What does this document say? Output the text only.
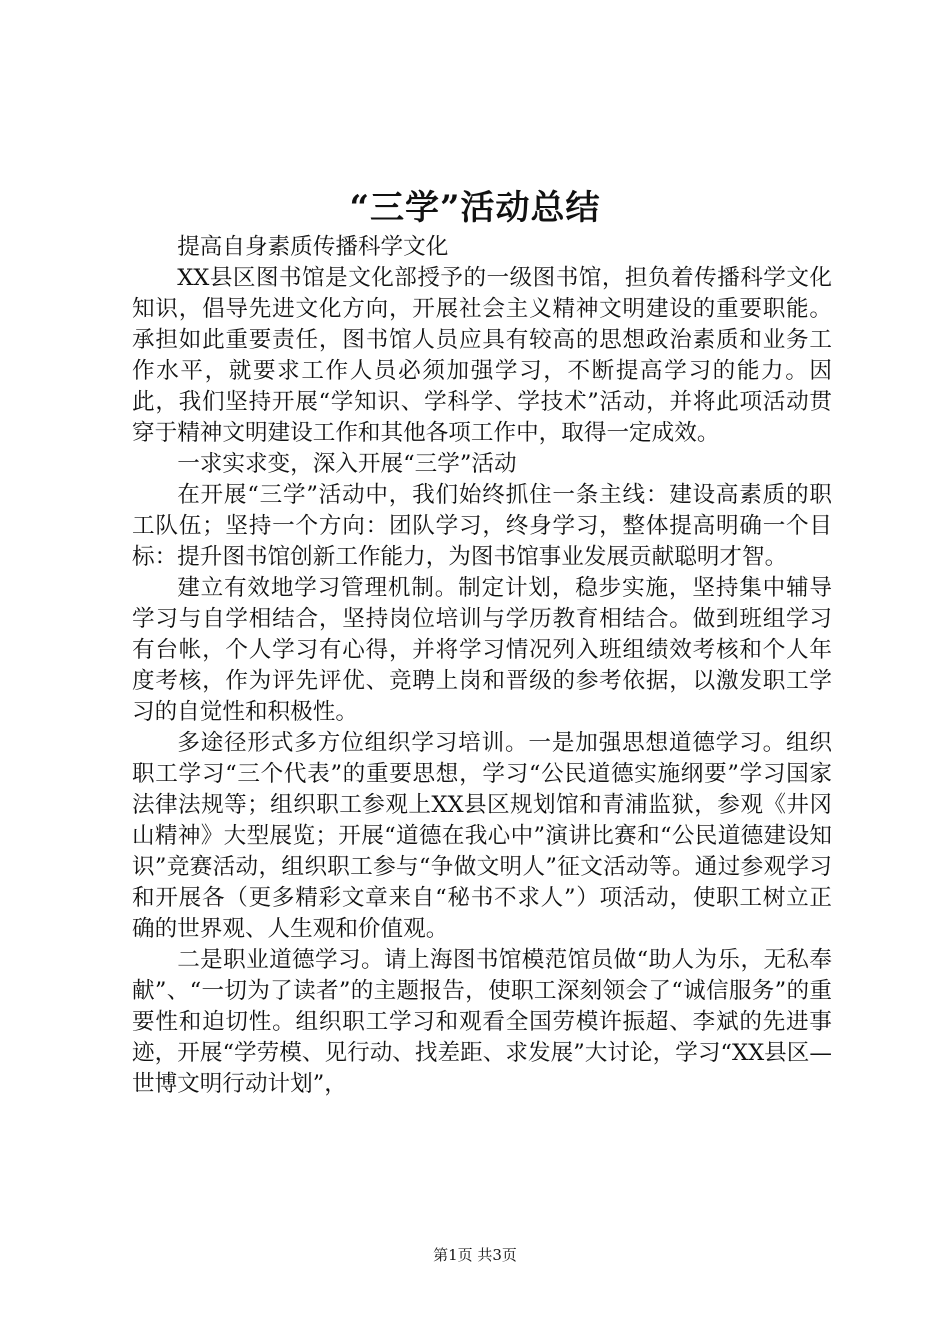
“三学”活动总结

提高自身素质传播科学文化

XX县区图书馆是文化部授予的一级图书馆，担负着传播科学文化知识，倡导先进文化方向，开展社会主义精神文明建设的重要职能。承担如此重要责任，图书馆人员应具有较高的思想政治素质和业务工作水平，就要求工作人员必须加强学习，不断提高学习的能力。因此，我们坚持开展“学知识、学科学、学技术”活动，并将此项活动贯穿于精神文明建设工作和其他各项工作中，取得一定成效。

一求实求变，深入开展“三学”活动

在开展“三学”活动中，我们始终抓住一条主线：建设高素质的职工队伍；坚持一个方向：团队学习，终身学习，整体提高明确一个目标：提升图书馆创新工作能力，为图书馆事业发展贡献聪明才智。

建立有效地学习管理机制。制定计划，稳步实施，坚持集中辅导学习与自学相结合，坚持岗位培训与学历教育相结合。做到班组学习有台帐，个人学习有心得，并将学习情况列入班组绩效考核和个人年度考核，作为评先评优、竞聘上岗和晋级的参考依据，以激发职工学习的自觉性和积极性。

多途径形式多方位组织学习培训。一是加强思想道德学习。组织职工学习“三个代表”的重要思想，学习“公民道德实施纲要”学习国家法律法规等；组织职工参观上XX县区规划馆和青浦监狱，参观《井冈山精神》大型展览；开展“道德在我心中”演讲比赛和“公民道德建设知识”竞赛活动，组织职工参与“争做文明人”征文活动等。通过参观学习和开展各（更多精彩文章来自“秘书不求人”）项活动，使职工树立正确的世界观、人生观和价值观。

二是职业道德学习。请上海图书馆模范馆员做“助人为乐，无私奉献”、“一切为了读者”的主题报告，使职工深刻领会了“诚信服务”的重要性和迫切性。组织职工学习和观看全国劳模许振超、李斌的先进事迹，开展“学劳模、见行动、找差距、求发展”大讨论，学习“XX县区—世博文明行动计划”，

第1页 共3页
